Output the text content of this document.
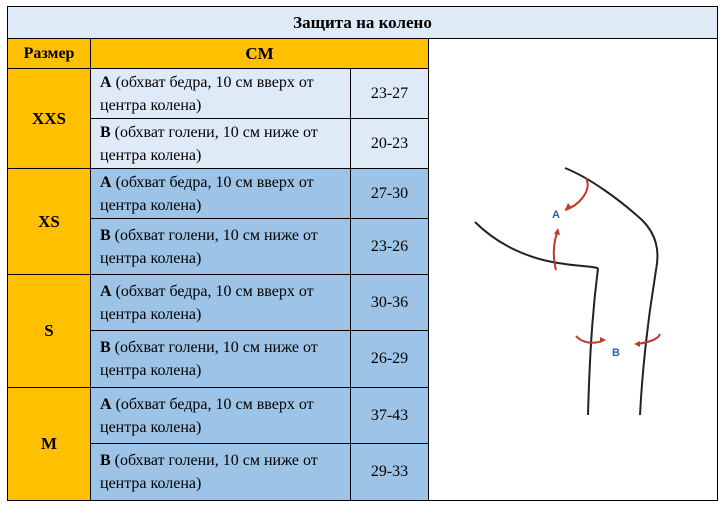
Защита на колено			
Размер	СМ		
XXS	A (обхват бедра, 10 см вверх от центра колена)	23-27	
	B (обхват голени, 10 см ниже от центра колена)	20-23	
XS	A (обхват бедра, 10 см вверх от центра колена)	27-30	
	B (обхват голени, 10 см ниже от центра колена)	23-26	
S	A (обхват бедра, 10 см вверх от центра колена)	30-36	
	B (обхват голени, 10 см ниже от центра колена)	26-29	
M	A (обхват бедра, 10 см вверх от центра колена)	37-43	
	B (обхват голени, 10 см ниже от центра колена)	29-33	
A
B
